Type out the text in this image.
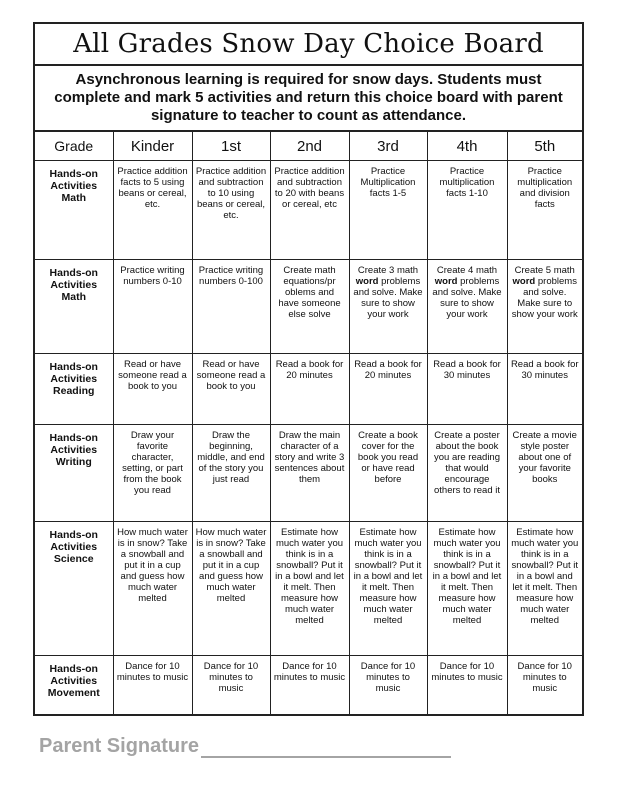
All Grades Snow Day Choice Board
Asynchronous learning is required for snow days. Students must complete and mark 5 activities and return this choice board with parent signature to teacher to count as attendance.
Grade	Kinder	1st	2nd	3rd	4th	5th
Hands-on Activities Math	Practice addition facts to 5 using beans or cereal, etc.	Practice addition and subtraction to 10 using beans or cereal, etc.	Practice addition and subtraction to 20 with beans or cereal, etc	Practice Multiplication facts 1-5	Practice multiplication facts 1-10	Practice multiplication and division facts
Hands-on Activities Math	Practice writing numbers 0-10	Practice writing numbers 0-100	Create math equations/pr oblems and have someone else solve	Create 3 math word problems and solve. Make sure to show your work	Create 4 math word problems and solve. Make sure to show your work	Create 5 math word problems and solve. Make sure to show your work
Hands-on Activities Reading	Read or have someone read a book to you	Read or have someone read a book to you	Read a book for 20 minutes	Read a book for 20 minutes	Read a book for 30 minutes	Read a book for 30 minutes
Hands-on Activities Writing	Draw your favorite character, setting, or part from the book you read	Draw the beginning, middle, and end of the story you just read	Draw the main character of a story and write 3 sentences about them	Create a book cover for the book you read or have read before	Create a poster about the book you are reading that would encourage others to read it	Create a movie style poster about one of your favorite books
Hands-on Activities Science	How much water is in snow? Take a snowball and put it in a cup and guess how much water melted	How much water is in snow? Take a snowball and put it in a cup and guess how much water melted	Estimate how much water you think is in a snowball? Put it in a bowl and let it melt. Then measure how much water melted	Estimate how much water you think is in a snowball? Put it in a bowl and let it melt. Then measure how much water melted	Estimate how much water you think is in a snowball? Put it in a bowl and let it melt. Then measure how much water melted	Estimate how much water you think is in a snowball? Put it in a bowl and let it melt. Then measure how much water melted
Hands-on Activities Movement	Dance for 10 minutes to music	Dance for 10 minutes to music	Dance for 10 minutes to music	Dance for 10 minutes to music	Dance for 10 minutes to music	Dance for 10 minutes to music
Parent Signature
